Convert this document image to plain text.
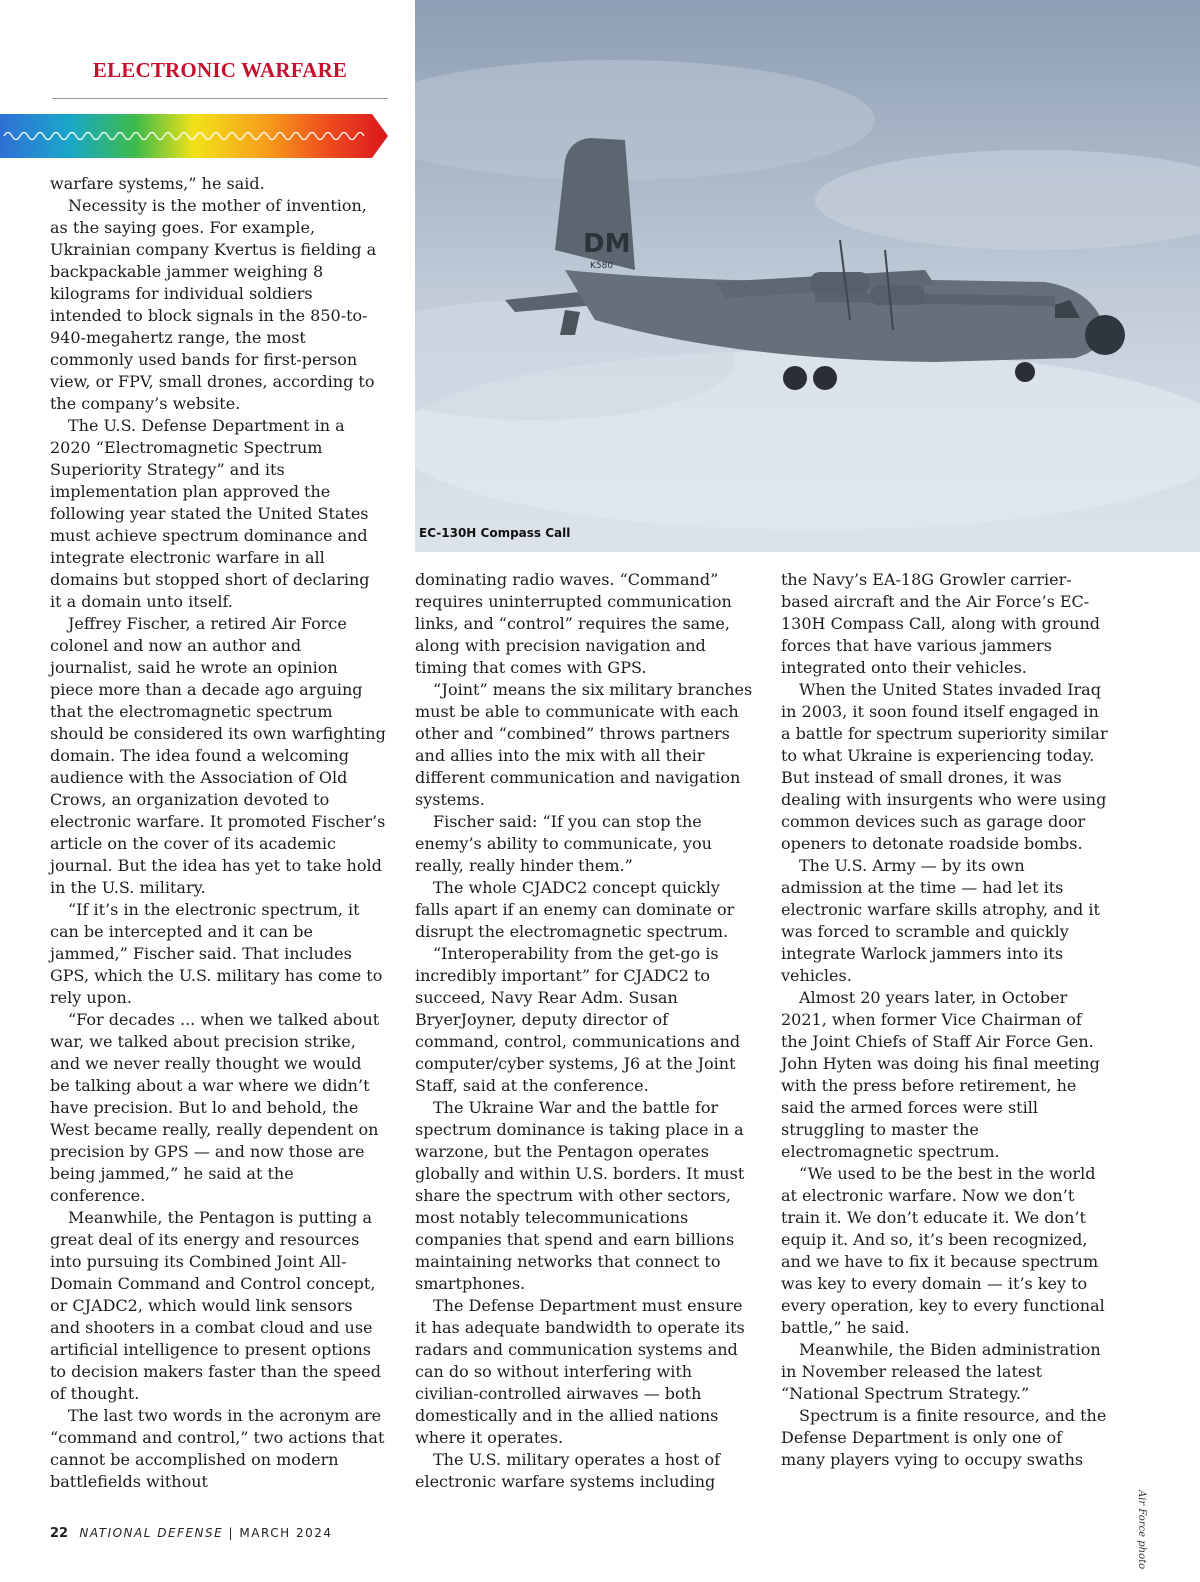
ELECTRONIC WARFARE
DM
K580
EC-130H Compass Call
Air Force photo

warfare systems,” he said.

Necessity is the mother of invention, as the saying goes. For example, Ukrainian company Kvertus is fielding a backpackable jammer weighing 8 kilograms for individual soldiers intended to block signals in the 850-to-940-megahertz range, the most commonly used bands for first-person view, or FPV, small drones, according to the company’s website.

The U.S. Defense Department in a 2020 “Electromagnetic Spectrum Superiority Strategy” and its implementation plan approved the following year stated the United States must achieve spectrum dominance and integrate electronic warfare in all domains but stopped short of declaring it a domain unto itself.

Jeffrey Fischer, a retired Air Force colonel and now an author and journalist, said he wrote an opinion piece more than a decade ago arguing that the electromagnetic spectrum should be considered its own warfighting domain. The idea found a welcoming audience with the Association of Old Crows, an organization devoted to electronic warfare. It promoted Fischer’s article on the cover of its academic journal. But the idea has yet to take hold in the U.S. military.

“If it’s in the electronic spectrum, it can be intercepted and it can be jammed,” Fischer said. That includes GPS, which the U.S. military has come to rely upon.

“For decades ... when we talked about war, we talked about precision strike, and we never really thought we would be talking about a war where we didn’t have precision. But lo and behold, the West became really, really dependent on precision by GPS — and now those are being jammed,” he said at the conference.

Meanwhile, the Pentagon is putting a great deal of its energy and resources into pursuing its Combined Joint All-Domain Command and Control concept, or CJADC2, which would link sensors and shooters in a combat cloud and use artificial intelligence to present options to decision makers faster than the speed of thought.

The last two words in the acronym are “command and control,” two actions that cannot be accomplished on modern battlefields without

dominating radio waves. “Command” requires uninterrupted communication links, and “control” requires the same, along with precision navigation and timing that comes with GPS.

“Joint” means the six military branches must be able to communicate with each other and “combined” throws partners and allies into the mix with all their different communication and navigation systems.

Fischer said: “If you can stop the enemy’s ability to communicate, you really, really hinder them.”

The whole CJADC2 concept quickly falls apart if an enemy can dominate or disrupt the electromagnetic spectrum.

“Interoperability from the get-go is incredibly important” for CJADC2 to succeed, Navy Rear Adm. Susan BryerJoyner, deputy director of command, control, communications and computer/cyber systems, J6 at the Joint Staff, said at the conference.

The Ukraine War and the battle for spectrum dominance is taking place in a warzone, but the Pentagon operates globally and within U.S. borders. It must share the spectrum with other sectors, most notably telecommunications companies that spend and earn billions maintaining networks that connect to smartphones.

The Defense Department must ensure it has adequate bandwidth to operate its radars and communication systems and can do so without interfering with civilian-controlled airwaves — both domestically and in the allied nations where it operates.

The U.S. military operates a host of electronic warfare systems including

the Navy’s EA-18G Growler carrier-based aircraft and the Air Force’s EC-130H Compass Call, along with ground forces that have various jammers integrated onto their vehicles.

When the United States invaded Iraq in 2003, it soon found itself engaged in a battle for spectrum superiority similar to what Ukraine is experiencing today. But instead of small drones, it was dealing with insurgents who were using common devices such as garage door openers to detonate roadside bombs.

The U.S. Army — by its own admission at the time — had let its electronic warfare skills atrophy, and it was forced to scramble and quickly integrate Warlock jammers into its vehicles.

Almost 20 years later, in October 2021, when former Vice Chairman of the Joint Chiefs of Staff Air Force Gen. John Hyten was doing his final meeting with the press before retirement, he said the armed forces were still struggling to master the electromagnetic spectrum.

“We used to be the best in the world at electronic warfare. Now we don’t train it. We don’t educate it. We don’t equip it. And so, it’s been recognized, and we have to fix it because spectrum was key to every domain — it’s key to every operation, key to every functional battle,” he said.

Meanwhile, the Biden administration in November released the latest “National Spectrum Strategy.”

Spectrum is a finite resource, and the Defense Department is only one of many players vying to occupy swaths

22 NATIONAL DEFENSE | MARCH 2024
